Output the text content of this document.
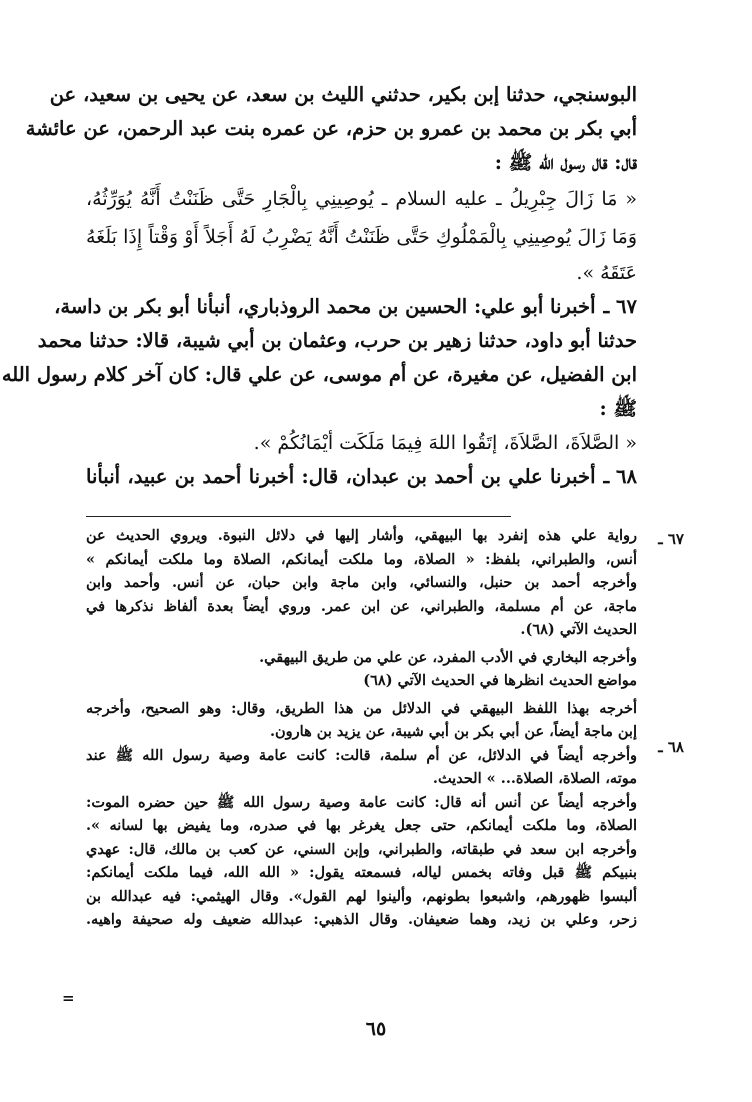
البوسنجي، حدثنا إبن بكير، حدثني الليث بن سعد، عن يحيى بن سعيد، عن
أبي بكر بن محمد بن عمرو بن حزم، عن عمره بنت عبد الرحمن، عن عائشة
قال: قال رسول الله ﷺ :
« مَا زَالَ جِبْرِيلُ ـ عليه السلام ـ يُوصِينِي بِالْجَارِ حَتَّى ظَنَنْتُ أَنَّهُ يُوَرِّثُهُ،
وَمَا زَالَ يُوصِينِي بِالْمَمْلُوكِ حَتَّى ظَنَنْتُ أَنَّهُ يَضْرِبُ لَهُ أَجَلاً أَوْ وَقْتاً إِذَا بَلَغَهُ
عَتَقَهُ ».
٦٧ ـأخبرنا أبو علي: الحسين بن محمد الروذباري، أنبأنا أبو بكر بن داسة،
حدثنا أبو داود، حدثنا زهير بن حرب، وعثمان بن أبي شيبة، قالا: حدثنا محمد
ابن الفضيل، عن مغيرة، عن أم موسى، عن علي قال: كان آخر كلام رسول الله
ﷺ :
« الصَّلاَةَ، الصَّلاَةَ، إتَقُوا اللهَ فِيمَا مَلَكَت أيْمَانُكُمْ ».
٦٨ ـأخبرنا علي بن أحمد بن عبدان، قال: أخبرنا أحمد بن عبيد، أنبأنا
٦٧ ـ
٦٨ ـ
رواية علي هذه إنفرد بها البيهقي، وأشار إليها في دلائل النبوة. ويروي الحديث عن
أنس، والطبراني، بلفظ: « الصلاة، وما ملكت أيمانكم، الصلاة وما ملكت أيمانكم »
وأخرجه أحمد بن حنبل، والنسائي، وابن ماجة وابن حبان، عن أنس. وأحمد وابن
ماجة، عن أم مسلمة، والطبراني، عن ابن عمر. وروي أيضاً بعدة ألفاظ نذكرها في
الحديث الآتي (٦٨).
وأخرجه البخاري في الأدب المفرد، عن علي من طريق البيهقي.
مواضع الحديث انظرها في الحديث الآتي (٦٨)
أخرجه بهذا اللفظ البيهقي في الدلائل من هذا الطريق، وقال: وهو الصحيح، وأخرجه
إبن ماجة أيضاً، عن أبي بكر بن أبي شيبة، عن يزيد بن هارون.
وأخرجه أيضاً في الدلائل، عن أم سلمة، قالت: كانت عامة وصية رسول الله ﷺ عند
موته، الصلاة، الصلاة... » الحديث.
وأخرجه أيضاً عن أنس أنه قال: كانت عامة وصية رسول الله ﷺ حين حضره الموت:
الصلاة، وما ملكت أيمانكم، حتى جعل يغرغر بها في صدره، وما يفيض بها لسانه ».
وأخرجه ابن سعد في طبقاته، والطبراني، وإبن السني، عن كعب بن مالك، قال: عهدي
بنبيكم ﷺ قبل وفاته بخمس لياله، فسمعته يقول: « الله الله، فيما ملكت أيمانكم:
ألبسوا ظهورهم، واشبعوا بطونهم، وألينوا لهم القول». وقال الهيثمي: فيه عبدالله بن
زحر، وعلي بن زيد، وهما ضعيفان. وقال الذهبي: عبدالله ضعيف وله صحيفة واهيه.
=
٦٥
